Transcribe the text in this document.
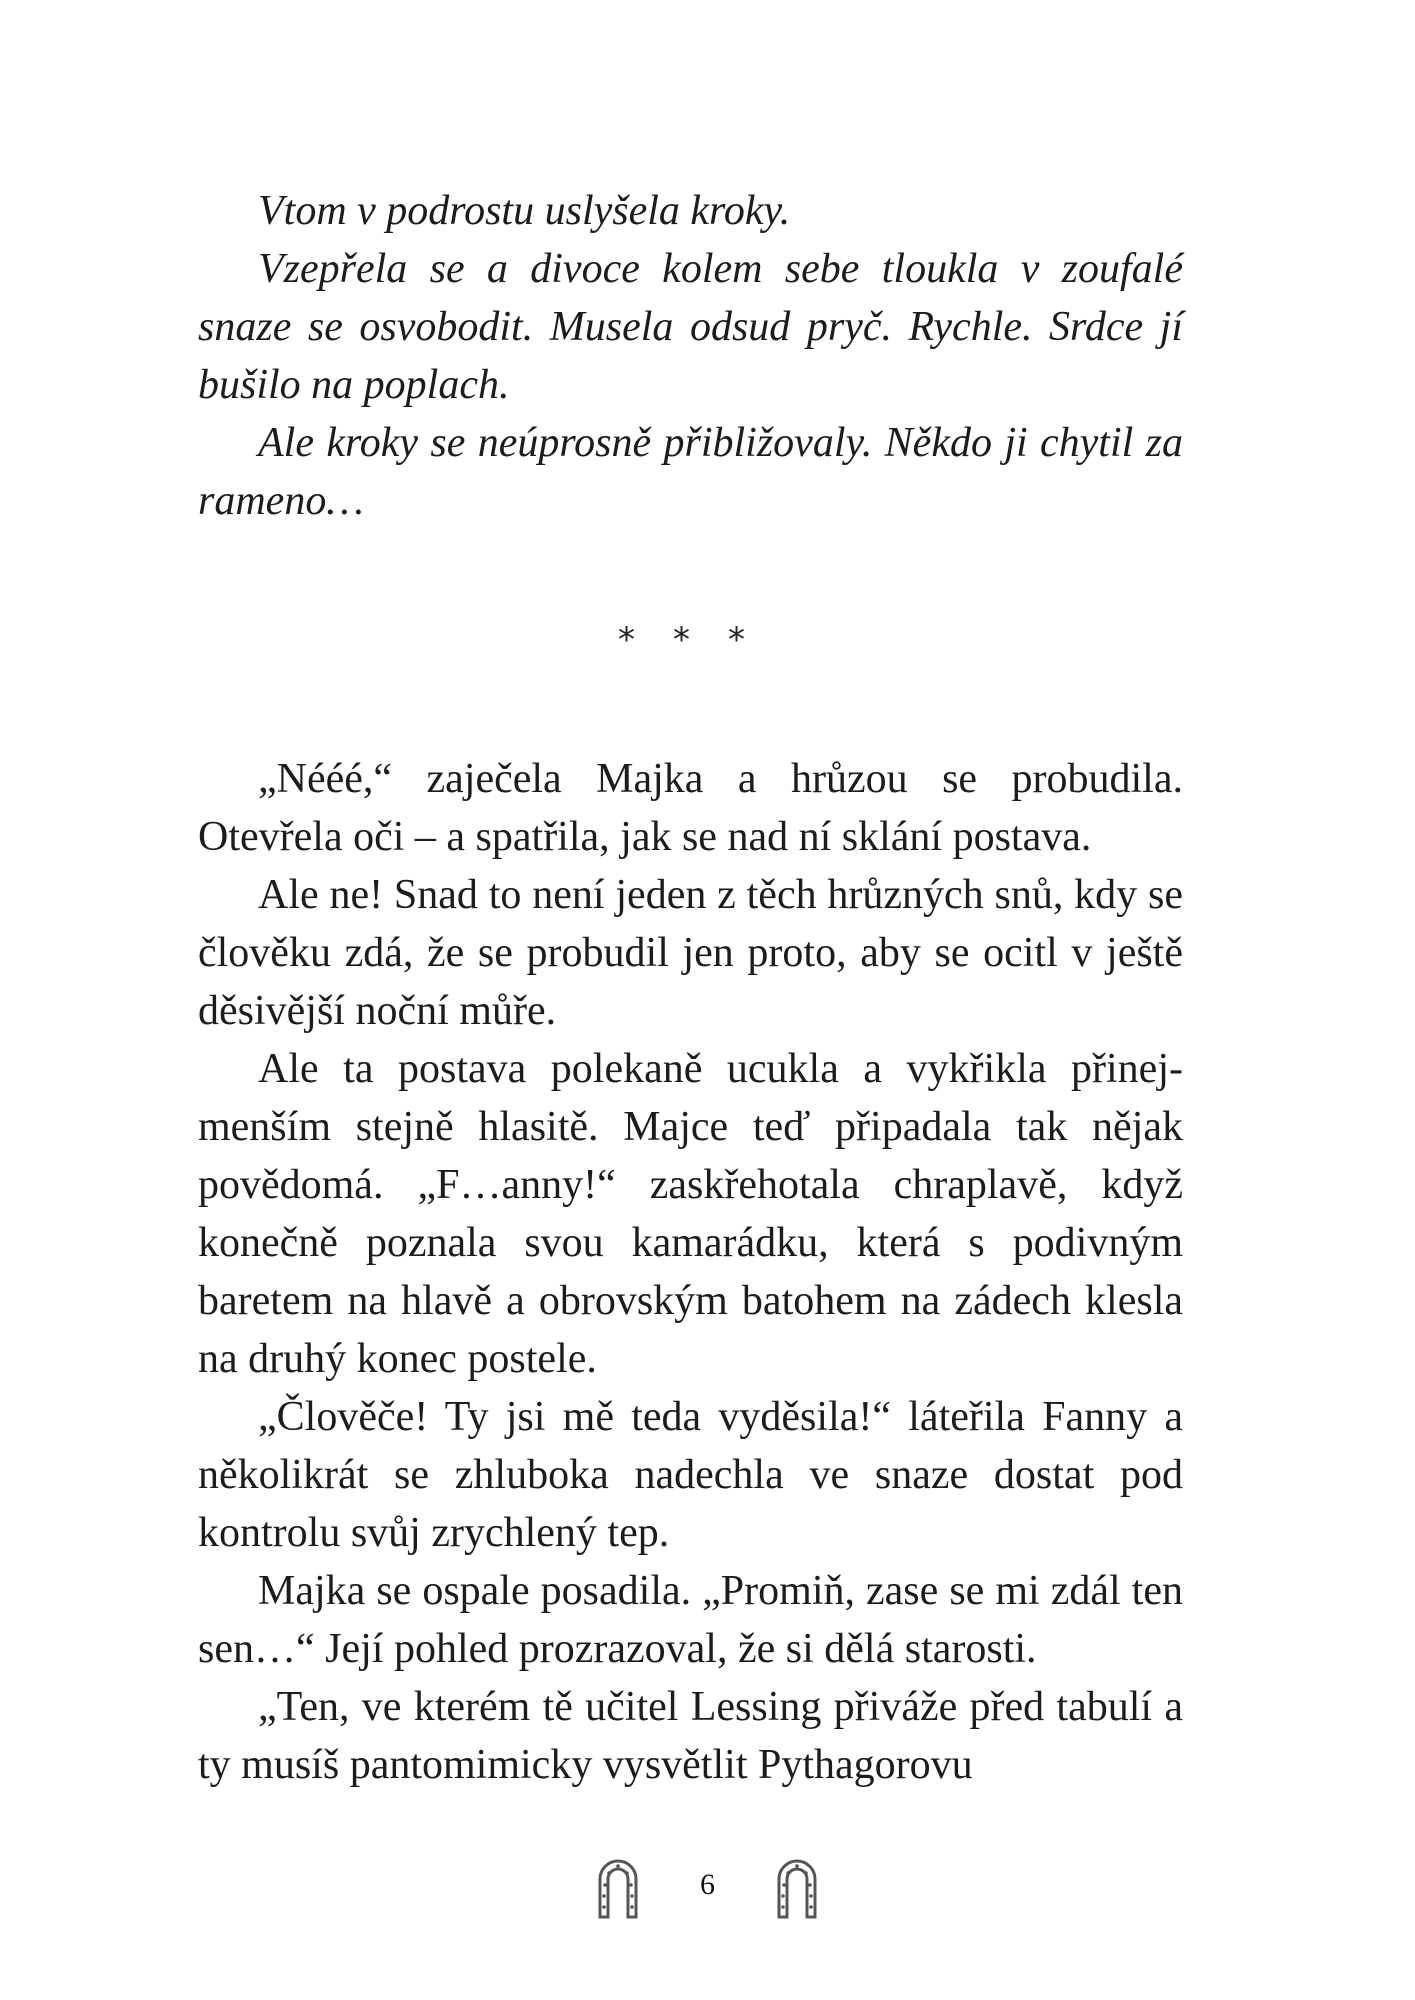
Vtom v podrostu uslyšela kroky.

Vzepřela se a divoce kolem sebe tloukla v zoufalé snaze se osvobodit. Musela odsud pryč. Rychle. Srdce jí bušilo na poplach.

Ale kroky se neúprosně přibližovaly. Někdo ji chytil za rameno…

* * *

„Nééé,“ zaječela Majka a hrůzou se probudila. Otevřela oči – a spatřila, jak se nad ní sklání postava.

Ale ne! Snad to není jeden z těch hrůzných snů, kdy se člověku zdá, že se probudil jen proto, aby se ocitl v ještě děsivější noční můře.

Ale ta postava polekaně ucukla a vykřikla přinejmenším stejně hlasitě. Majce teď připadala tak nějak povědomá. „F…anny!“ zaskřehotala chraplavě, když konečně poznala svou kamarádku, která s podivným baretem na hlavě a obrovským batohem na zádech klesla na druhý konec postele.

„Člověče! Ty jsi mě teda vyděsila!“ láteřila Fanny a několikrát se zhluboka nadechla ve snaze dostat pod kontrolu svůj zrychlený tep.

Majka se ospale posadila. „Promiň, zase se mi zdál ten sen…“ Její pohled prozrazoval, že si dělá starosti.

„Ten, ve kterém tě učitel Lessing přiváže před tabulí a ty musíš pantomimicky vysvětlit Pythagorovu

6
